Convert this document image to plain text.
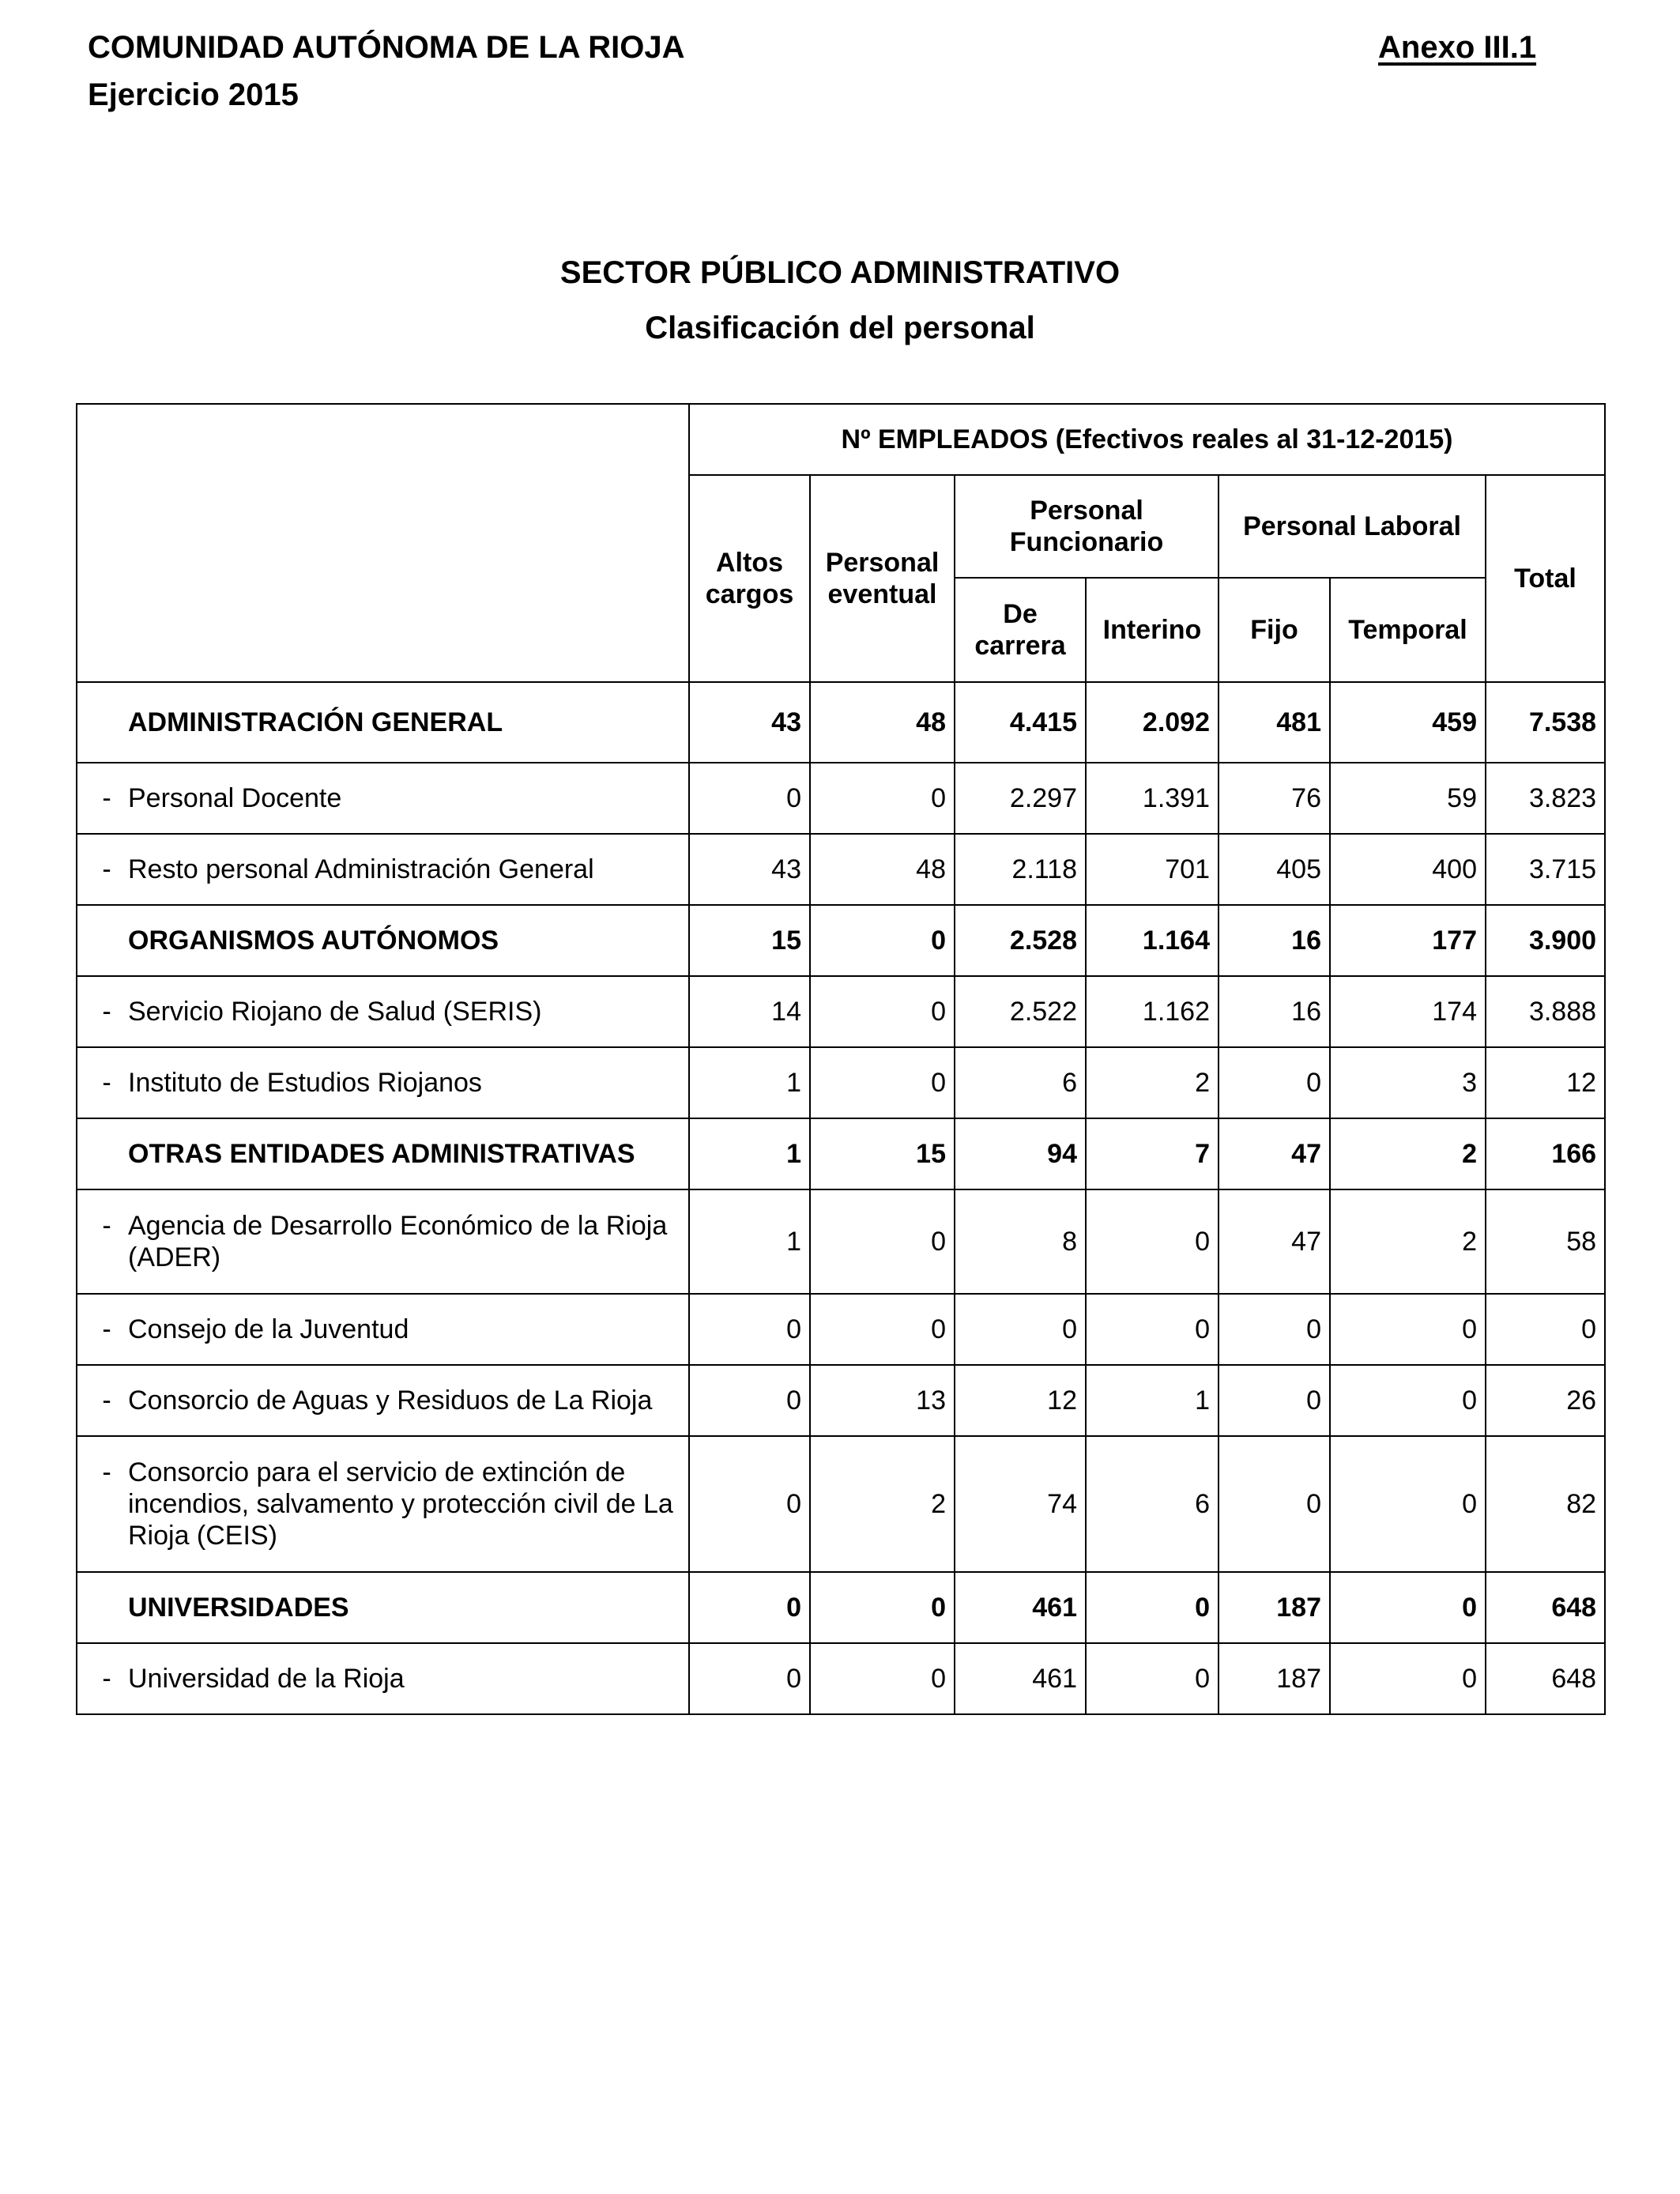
COMUNIDAD AUTÓNOMA DE LA RIOJA
Ejercicio 2015
Anexo III.1
SECTOR PÚBLICO ADMINISTRATIVO
Clasificación del personal
	Nº EMPLEADOS (Efectivos reales al 31-12-2015)						
	Altos cargos	Personal eventual	Personal Funcionario		Personal Laboral		Total
			De carrera	Interino	Fijo	Temporal	

ADMINISTRACIÓN GENERAL	43	48	4.415	2.092	481	459	7.538

- Personal Docente	0	0	2.297	1.391	76	59	3.823

- Resto personal Administración General	43	48	2.118	701	405	400	3.715

ORGANISMOS AUTÓNOMOS	15	0	2.528	1.164	16	177	3.900

- Servicio Riojano de Salud (SERIS)	14	0	2.522	1.162	16	174	3.888

- Instituto de Estudios Riojanos	1	0	6	2	0	3	12

OTRAS ENTIDADES ADMINISTRATIVAS	1	15	94	7	47	2	166

- Agencia de Desarrollo Económico de la Rioja (ADER)	1	0	8	0	47	2	58

- Consejo de la Juventud	0	0	0	0	0	0	0

- Consorcio de Aguas y Residuos de La Rioja	0	13	12	1	0	0	26

- Consorcio para el servicio de extinción de incendios, salvamento y protección civil de La Rioja (CEIS)	0	2	74	6	0	0	82

UNIVERSIDADES	0	0	461	0	187	0	648

- Universidad de la Rioja	0	0	461	0	187	0	648
